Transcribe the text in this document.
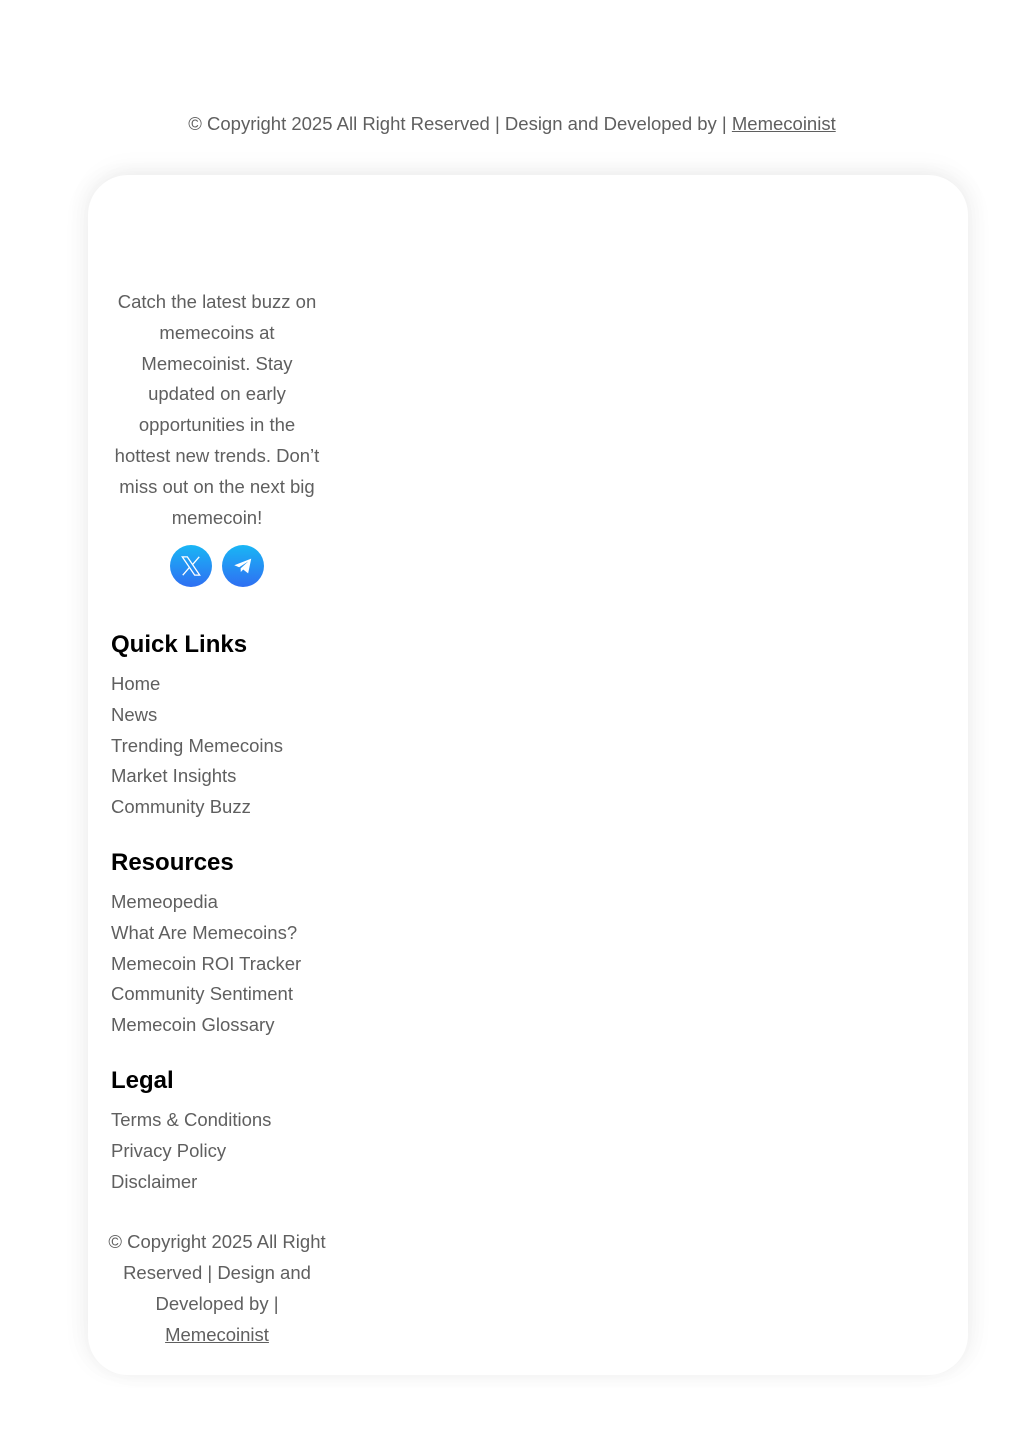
© Copyright 2025 All Right Reserved | Design and Developed by | Memecoinist

Catch the latest buzz on memecoins at Memecoinist. Stay updated on early opportunities in the hottest new trends. Don’t miss out on the next big memecoin!

Quick Links
Home
News
Trending Memecoins
Market Insights
Community Buzz
Resources
Memeopedia
What Are Memecoins?
Memecoin ROI Tracker
Community Sentiment
Memecoin Glossary
Legal
Terms & Conditions
Privacy Policy
Disclaimer
© Copyright 2025 All Right Reserved | Design and Developed by | Memecoinist
